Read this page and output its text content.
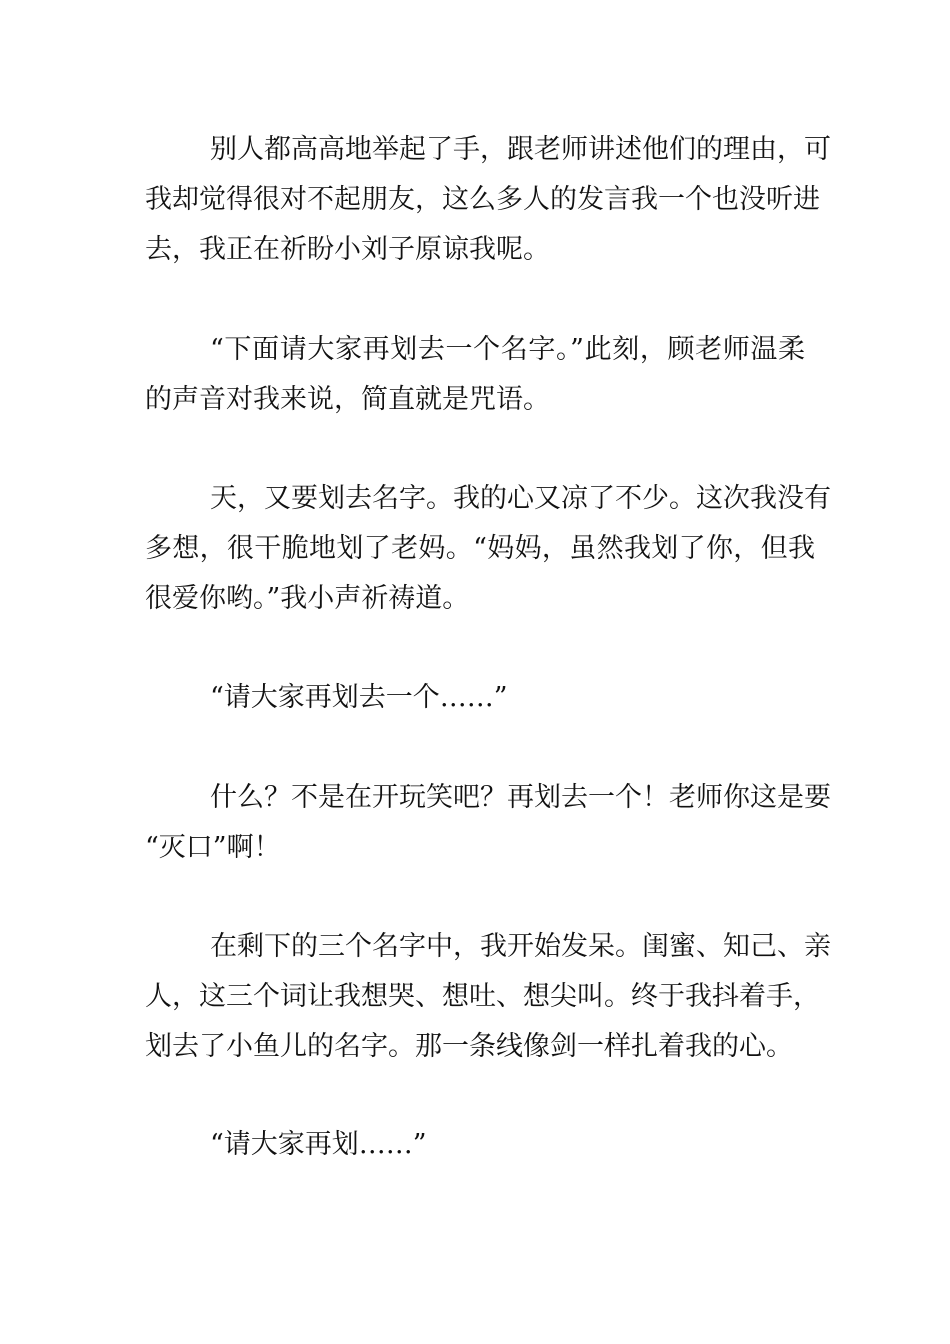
别人都高高地举起了手，跟老师讲述他们的理由，可
我却觉得很对不起朋友，这么多人的发言我一个也没听进
去，我正在祈盼小刘子原谅我呢。
“下面请大家再划去一个名字。”此刻，顾老师温柔
的声音对我来说，简直就是咒语。
天，又要划去名字。我的心又凉了不少。这次我没有
多想，很干脆地划了老妈。“妈妈，虽然我划了你，但我
很爱你哟。”我小声祈祷道。
“请大家再划去一个……”
什么？不是在开玩笑吧？再划去一个！老师你这是要
“灭口”啊！
在剩下的三个名字中，我开始发呆。闺蜜、知己、亲
人，这三个词让我想哭、想吐、想尖叫。终于我抖着手，
划去了小鱼儿的名字。那一条线像剑一样扎着我的心。
“请大家再划……”
